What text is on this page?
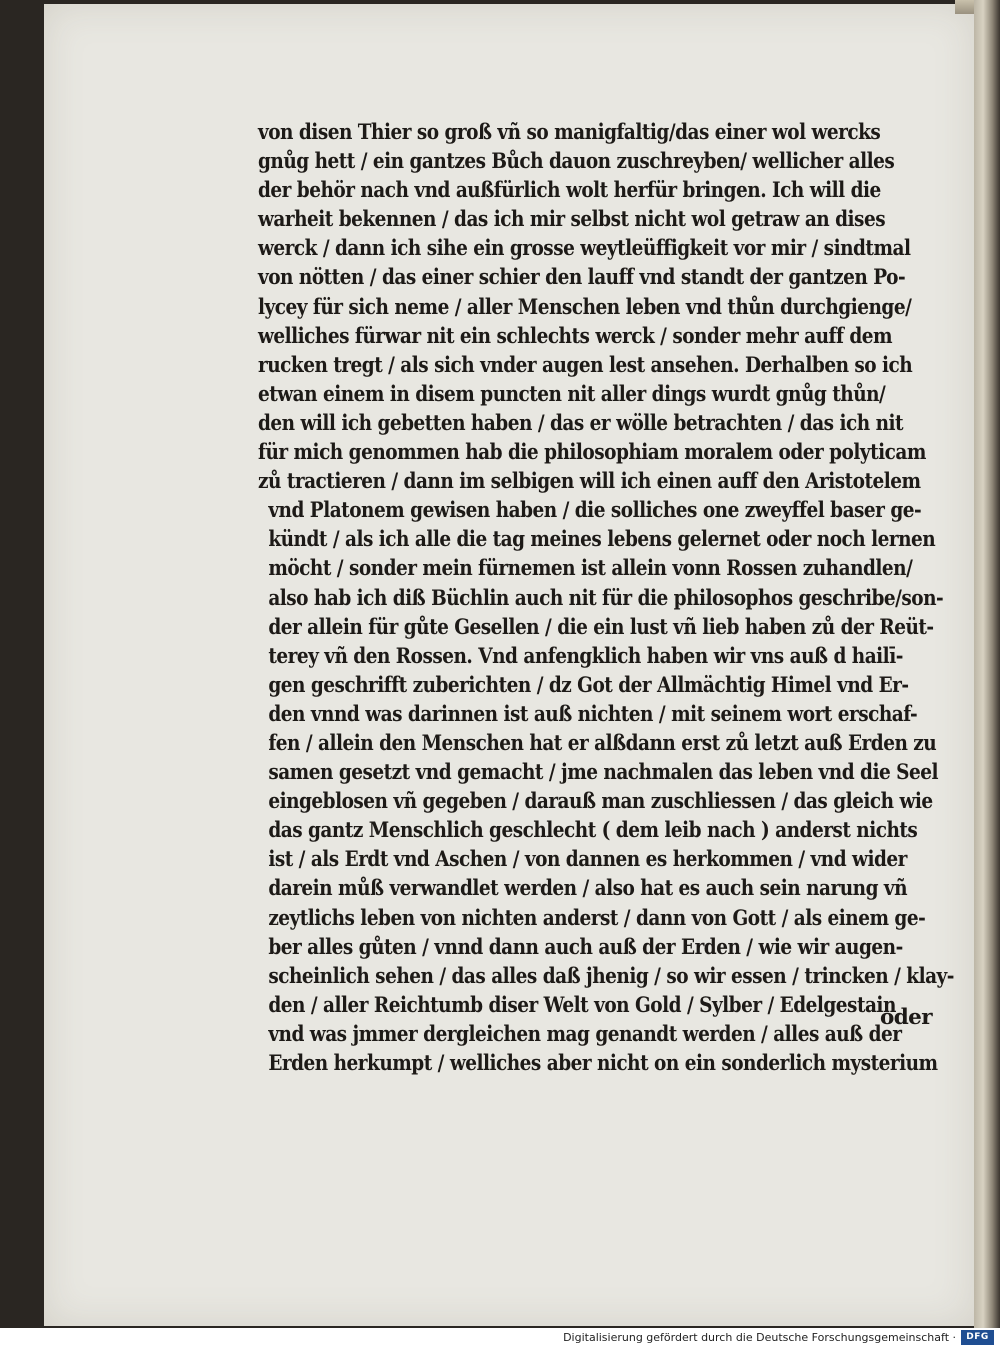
von disen Thier so groß vñ so manigfaltig/das einer wol wercks
gnůg hett / ein gantzes Bůch dauon zuschreyben/ wellicher alles
der behör nach vnd außfürlich wolt herfür bringen. Ich will die
warheit bekennen / das ich mir selbst nicht wol getraw an dises
werck / dann ich sihe ein grosse weytleüffigkeit vor mir / sindtmal
von nötten / das einer schier den lauff vnd standt der gantzen Po-
lycey für sich neme / aller Menschen leben vnd thůn durchgienge/
welliches fürwar nit ein schlechts werck / sonder mehr auff dem
rucken tregt / als sich vnder augen lest ansehen. Derhalben so ich
etwan einem in disem puncten nit aller dings wurdt gnůg thůn/
den will ich gebetten haben / das er wölle betrachten / das ich nit
für mich genommen hab die philosophiam moralem oder polyticam
zů tractieren / dann im selbigen will ich einen auff den Aristotelem
vnd Platonem gewisen haben / die solliches one zweyffel baser ge-
kündt / als ich alle die tag meines lebens gelernet oder noch lernen
möcht / sonder mein fürnemen ist allein vonn Rossen zuhandlen/
also hab ich diß Büchlin auch nit für die philosophos geschribe/son-
der allein für gůte Gesellen / die ein lust vñ lieb haben zů der Reüt-
terey vñ den Rossen. Vnd anfengklich haben wir vns auß d hailī-
gen geschrifft zuberichten / dz Got der Allmächtig Himel vnd Er-
den vnnd was darinnen ist auß nichten / mit seinem wort erschaf-
fen / allein den Menschen hat er alßdann erst zů letzt auß Erden zu
samen gesetzt vnd gemacht / jme nachmalen das leben vnd die Seel
eingeblosen vñ gegeben / darauß man zuschliessen / das gleich wie
das gantz Menschlich geschlecht ( dem leib nach ) anderst nichts
ist / als Erdt vnd Aschen / von dannen es herkommen / vnd wider
darein můß verwandlet werden / also hat es auch sein narung vñ
zeytlichs leben von nichten anderst / dann von Gott / als einem ge-
ber alles gůten / vnnd dann auch auß der Erden / wie wir augen-
scheinlich sehen / das alles daß jhenig / so wir essen / trincken / klay-
den / aller Reichtumb diser Welt von Gold / Sylber / Edelgestain
vnd was jmmer dergleichen mag genandt werden / alles auß der
Erden herkumpt / welliches aber nicht on ein sonderlich mysterium
oder
Digitalisierung gefördert durch die Deutsche Forschungsgemeinschaft ·	DFG
